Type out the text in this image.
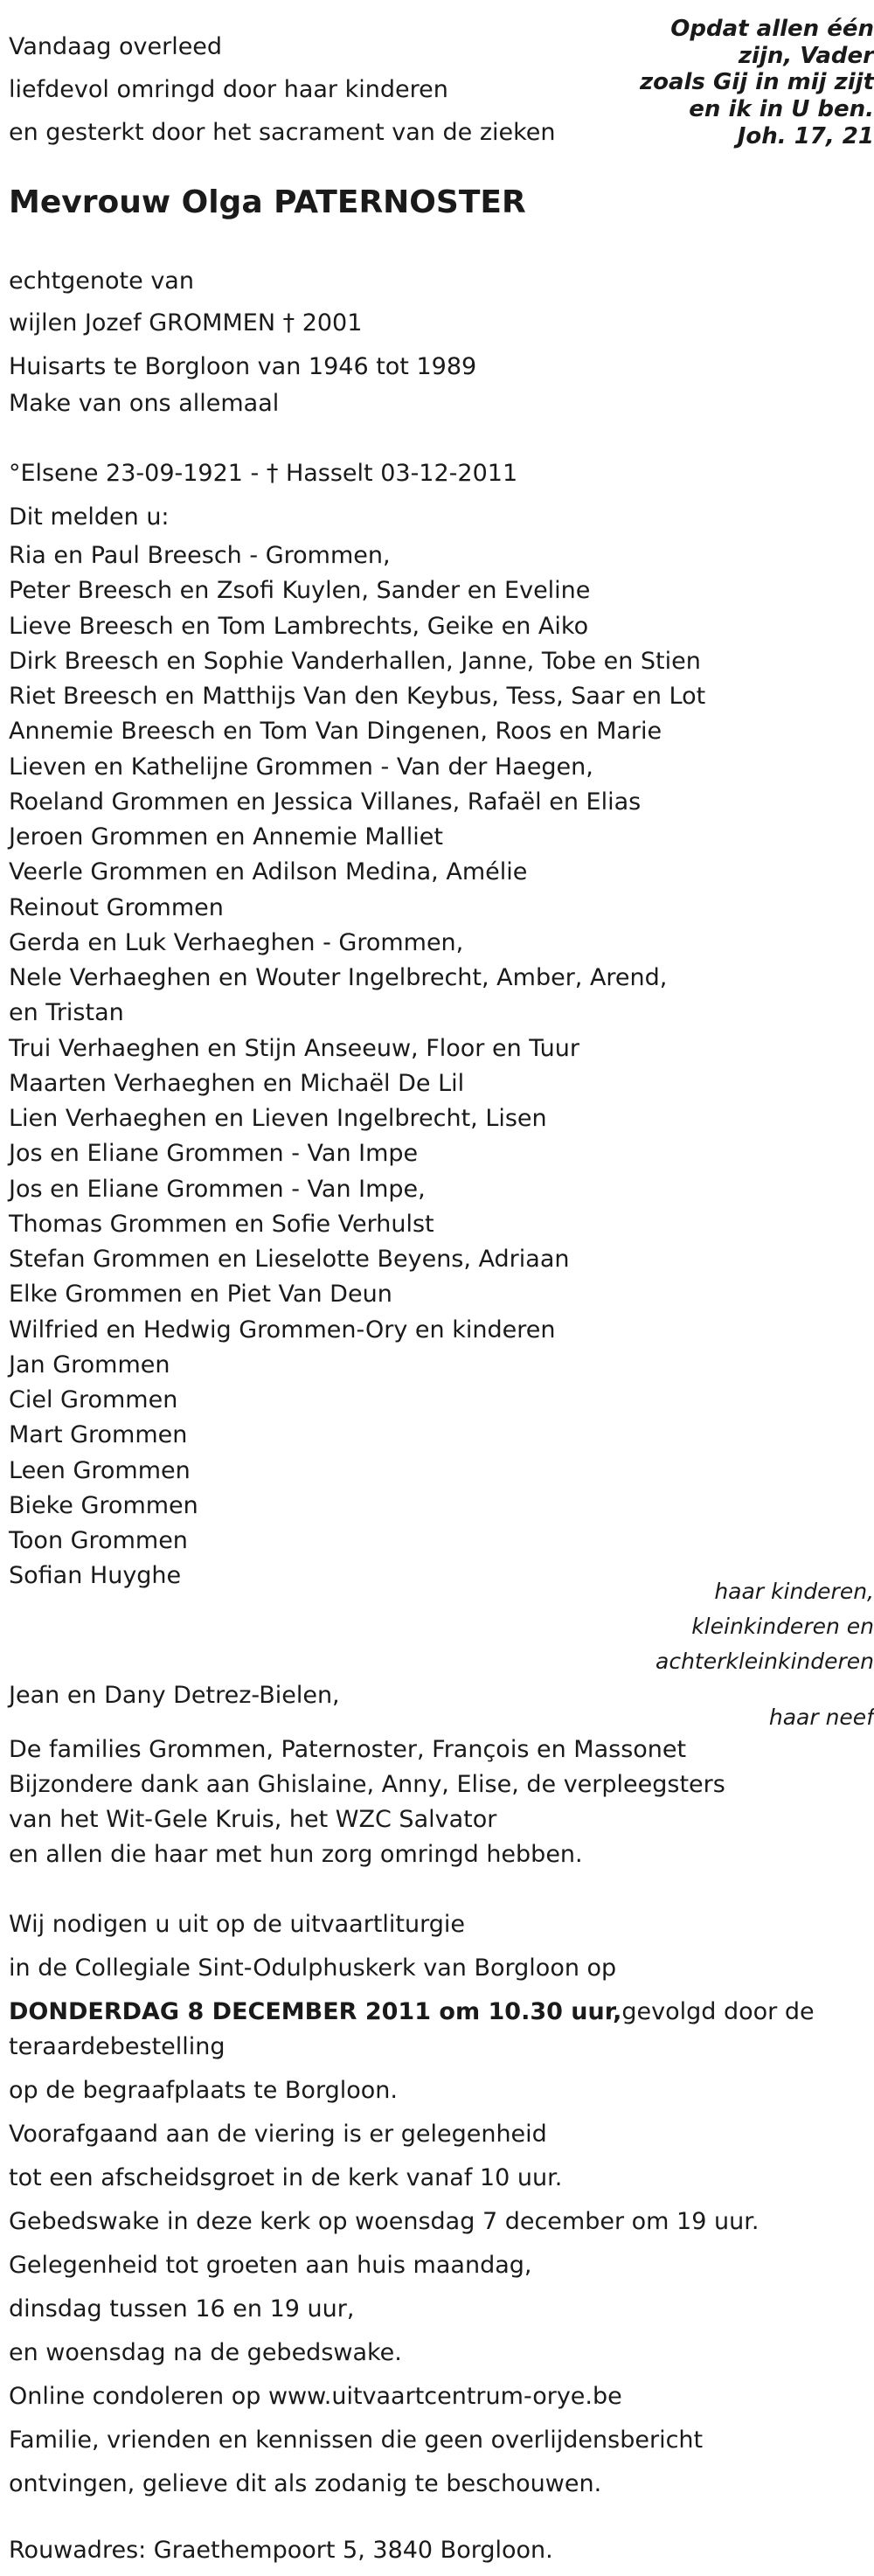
Vandaag overleed
liefdevol omringd door haar kinderen
en gesterkt door het sacrament van de zieken
Opdat allen één
zijn, Vader
zoals Gij in mij zijt
en ik in U ben.
Joh. 17, 21
Mevrouw Olga PATERNOSTER
echtgenote van
wijlen Jozef GROMMEN † 2001
Huisarts te Borgloon van 1946 tot 1989
Make van ons allemaal
°Elsene 23-09-1921 - † Hasselt 03-12-2011
Dit melden u:
Ria en Paul Breesch - Grommen,
Peter Breesch en Zsofi Kuylen, Sander en Eveline
Lieve Breesch en Tom Lambrechts, Geike en Aiko
Dirk Breesch en Sophie Vanderhallen, Janne, Tobe en Stien
Riet Breesch en Matthijs Van den Keybus, Tess, Saar en Lot
Annemie Breesch en Tom Van Dingenen, Roos en Marie
Lieven en Kathelijne Grommen - Van der Haegen,
Roeland Grommen en Jessica Villanes, Rafaël en Elias
Jeroen Grommen en Annemie Malliet
Veerle Grommen en Adilson Medina, Amélie
Reinout Grommen
Gerda en Luk Verhaeghen - Grommen,
Nele Verhaeghen en Wouter Ingelbrecht, Amber, Arend,
en Tristan
Trui Verhaeghen en Stijn Anseeuw, Floor en Tuur
Maarten Verhaeghen en Michaël De Lil
Lien Verhaeghen en Lieven Ingelbrecht, Lisen
Jos en Eliane Grommen - Van Impe
Jos en Eliane Grommen - Van Impe,
Thomas Grommen en Sofie Verhulst
Stefan Grommen en Lieselotte Beyens, Adriaan
Elke Grommen en Piet Van Deun
Wilfried en Hedwig Grommen-Ory en kinderen
Jan Grommen
Ciel Grommen
Mart Grommen
Leen Grommen
Bieke Grommen
Toon Grommen
Sofian Huyghe
haar kinderen,
kleinkinderen en
achterkleinkinderen
Jean en Dany Detrez-Bielen,
haar neef
De families Grommen, Paternoster, François en Massonet
Bijzondere dank aan Ghislaine, Anny, Elise, de verpleegsters
van het Wit-Gele Kruis, het WZC Salvator
en allen die haar met hun zorg omringd hebben.
Wij nodigen u uit op de uitvaartliturgie
in de Collegiale Sint-Odulphuskerk van Borgloon op
DONDERDAG 8 DECEMBER 2011 om 10.30 uur,gevolgd door de
teraardebestelling
op de begraafplaats te Borgloon.
Voorafgaand aan de viering is er gelegenheid
tot een afscheidsgroet in de kerk vanaf 10 uur.
Gebedswake in deze kerk op woensdag 7 december om 19 uur.
Gelegenheid tot groeten aan huis maandag,
dinsdag tussen 16 en 19 uur,
en woensdag na de gebedswake.
Online condoleren op www.uitvaartcentrum-orye.be
Familie, vrienden en kennissen die geen overlijdensbericht
ontvingen, gelieve dit als zodanig te beschouwen.
Rouwadres: Graethempoort 5, 3840 Borgloon.
